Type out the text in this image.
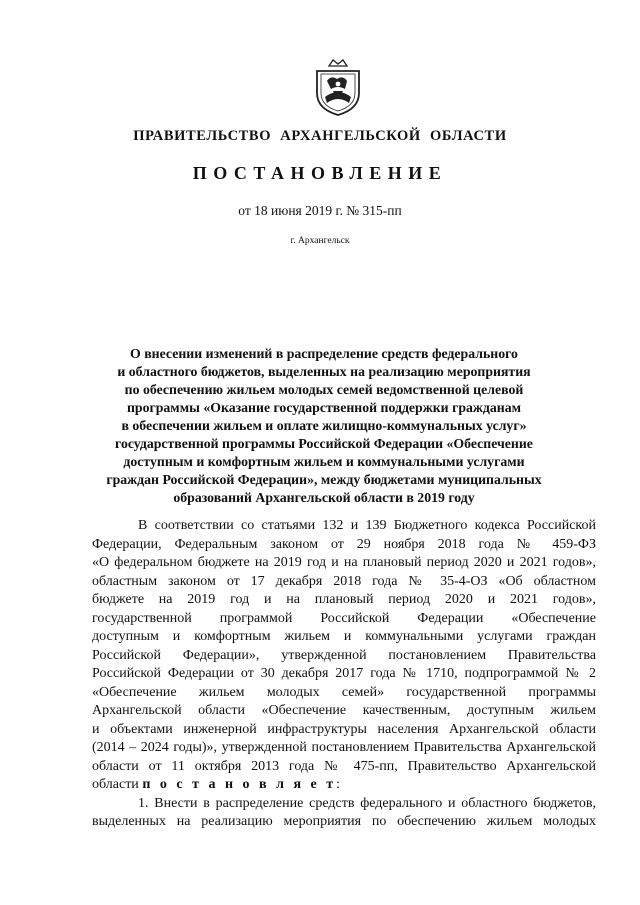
ПРАВИТЕЛЬСТВО АРХАНГЕЛЬСКОЙ ОБЛАСТИ
ПОСТАНОВЛЕНИЕ
от 18 июня 2019 г. № 315-пп
г. Архангельск
О внесении изменений в распределение средств федерального
и областного бюджетов, выделенных на реализацию мероприятия
по обеспечению жильем молодых семей ведомственной целевой
программы «Оказание государственной поддержки гражданам
в обеспечении жильем и оплате жилищно-коммунальных услуг»
государственной программы Российской Федерации «Обеспечение
доступным и комфортным жильем и коммунальными услугами
граждан Российской Федерации», между бюджетами муниципальных
образований Архангельской области в 2019 году
В соответствии со статьями 132 и 139 Бюджетного кодекса Российской
Федерации, Федеральным законом от 29 ноября 2018 года № 459-ФЗ
«О федеральном бюджете на 2019 год и на плановый период 2020 и 2021 годов»,
областным законом от 17 декабря 2018 года № 35-4-ОЗ «Об областном
бюджете на 2019 год и на плановый период 2020 и 2021 годов»,
государственной программой Российской Федерации «Обеспечение
доступным и комфортным жильем и коммунальными услугами граждан
Российской Федерации», утвержденной постановлением Правительства
Российской Федерации от 30 декабря 2017 года № 1710, подпрограммой № 2
«Обеспечение жильем молодых семей» государственной программы
Архангельской области «Обеспечение качественным, доступным жильем
и объектами инженерной инфраструктуры населения Архангельской области
(2014 – 2024 годы)», утвержденной постановлением Правительства Архангельской
области от 11 октября 2013 года № 475-пп, Правительство Архангельской
области п о с т а н о в л я е т:
1. Внести в распределение средств федерального и областного бюджетов,
выделенных на реализацию мероприятия по обеспечению жильем молодых
